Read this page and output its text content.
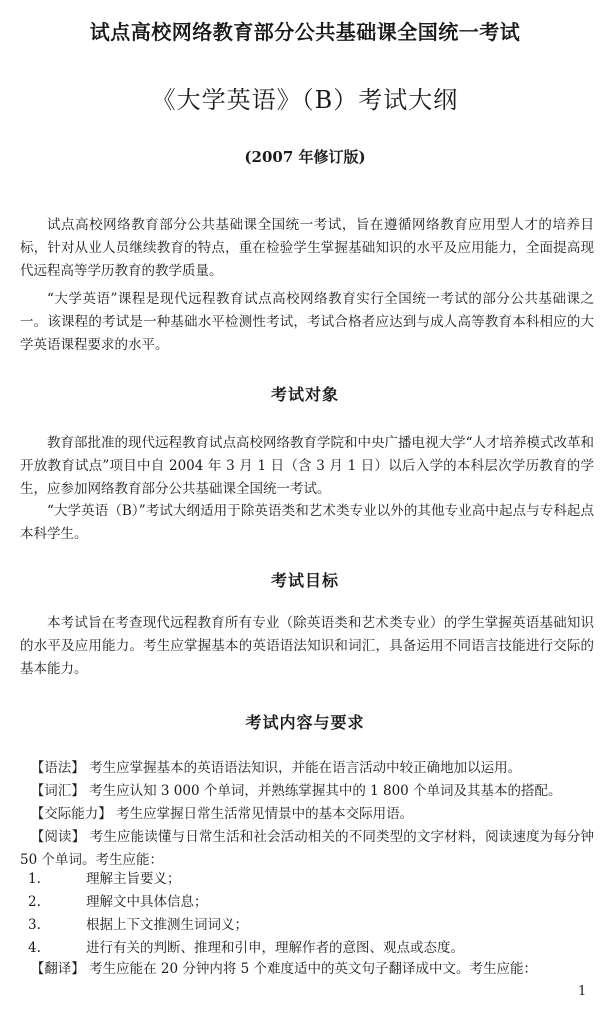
试点高校网络教育部分公共基础课全国统一考试
《大学英语》（B）考试大纲
(2007 年修订版)

试点高校网络教育部分公共基础课全国统一考试，旨在遵循网络教育应用型人才的培养目标，针对从业人员继续教育的特点，重在检验学生掌握基础知识的水平及应用能力，全面提高现代远程高等学历教育的教学质量。

“大学英语”课程是现代远程教育试点高校网络教育实行全国统一考试的部分公共基础课之一。该课程的考试是一种基础水平检测性考试，考试合格者应达到与成人高等教育本科相应的大学英语课程要求的水平。

考试对象

教育部批准的现代远程教育试点高校网络教育学院和中央广播电视大学“人才培养模式改革和开放教育试点”项目中自 2004 年 3 月 1 日（含 3 月 1 日）以后入学的本科层次学历教育的学生，应参加网络教育部分公共基础课全国统一考试。

“大学英语（B）”考试大纲适用于除英语类和艺术类专业以外的其他专业高中起点与专科起点本科学生。

考试目标

本考试旨在考查现代远程教育所有专业（除英语类和艺术类专业）的学生掌握英语基础知识的水平及应用能力。考生应掌握基本的英语语法知识和词汇，具备运用不同语言技能进行交际的基本能力。

考试内容与要求

【语法】 考生应掌握基本的英语语法知识，并能在语言活动中较正确地加以运用。

【词汇】 考生应认知 3 000 个单词，并熟练掌握其中的 1 800 个单词及其基本的搭配。

【交际能力】 考生应掌握日常生活常见情景中的基本交际用语。

【阅读】 考生应能读懂与日常生活和社会活动相关的不同类型的文字材料，阅读速度为每分钟 50 个单词。考生应能：

1.	理解主旨要义；
2.	理解文中具体信息；
3.	根据上下文推测生词词义；
4.	进行有关的判断、推理和引申，理解作者的意图、观点或态度。

【翻译】 考生应能在 20 分钟内将 5 个难度适中的英文句子翻译成中文。考生应能：

1
